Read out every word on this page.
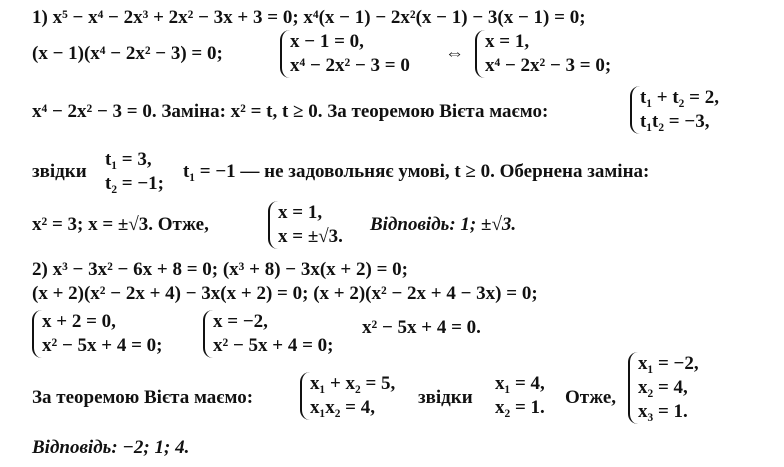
1) x⁵ − x⁴ − 2x³ + 2x² − 3x + 3 = 0; x⁴(x − 1) − 2x²(x − 1) − 3(x − 1) = 0;
(x − 1)(x⁴ − 2x² − 3) = 0;
x − 1 = 0,
x⁴ − 2x² − 3 = 0
⇔
x = 1,
x⁴ − 2x² − 3 = 0;
x⁴ − 2x² − 3 = 0. Заміна: x² = t, t ≥ 0. За теоремою Вієта маємо:
t₁ + t₂ = 2,
t₁t₂ = −3,
звідки
t₁ = 3,
t₂ = −1;
t₁ = −1 — не задовольняє умові, t ≥ 0. Обернена заміна:
x² = 3; x = ±√3. Отже,
x = 1,
x = ±√3.
Відповідь: 1; ±√3.
2) x³ − 3x² − 6x + 8 = 0; (x³ + 8) − 3x(x + 2) = 0;
(x + 2)(x² − 2x + 4) − 3x(x + 2) = 0; (x + 2)(x² − 2x + 4 − 3x) = 0;
x + 2 = 0,
x² − 5x + 4 = 0;
x = −2,
x² − 5x + 4 = 0;
x² − 5x + 4 = 0.
За теоремою Вієта маємо:
x₁ + x₂ = 5,
x₁x₂ = 4,	звідки
x₁ = 4,
x₂ = 1. Отже,
x₁ = −2,
x₂ = 4,
x₃ = 1.
Відповідь: −2; 1; 4.
